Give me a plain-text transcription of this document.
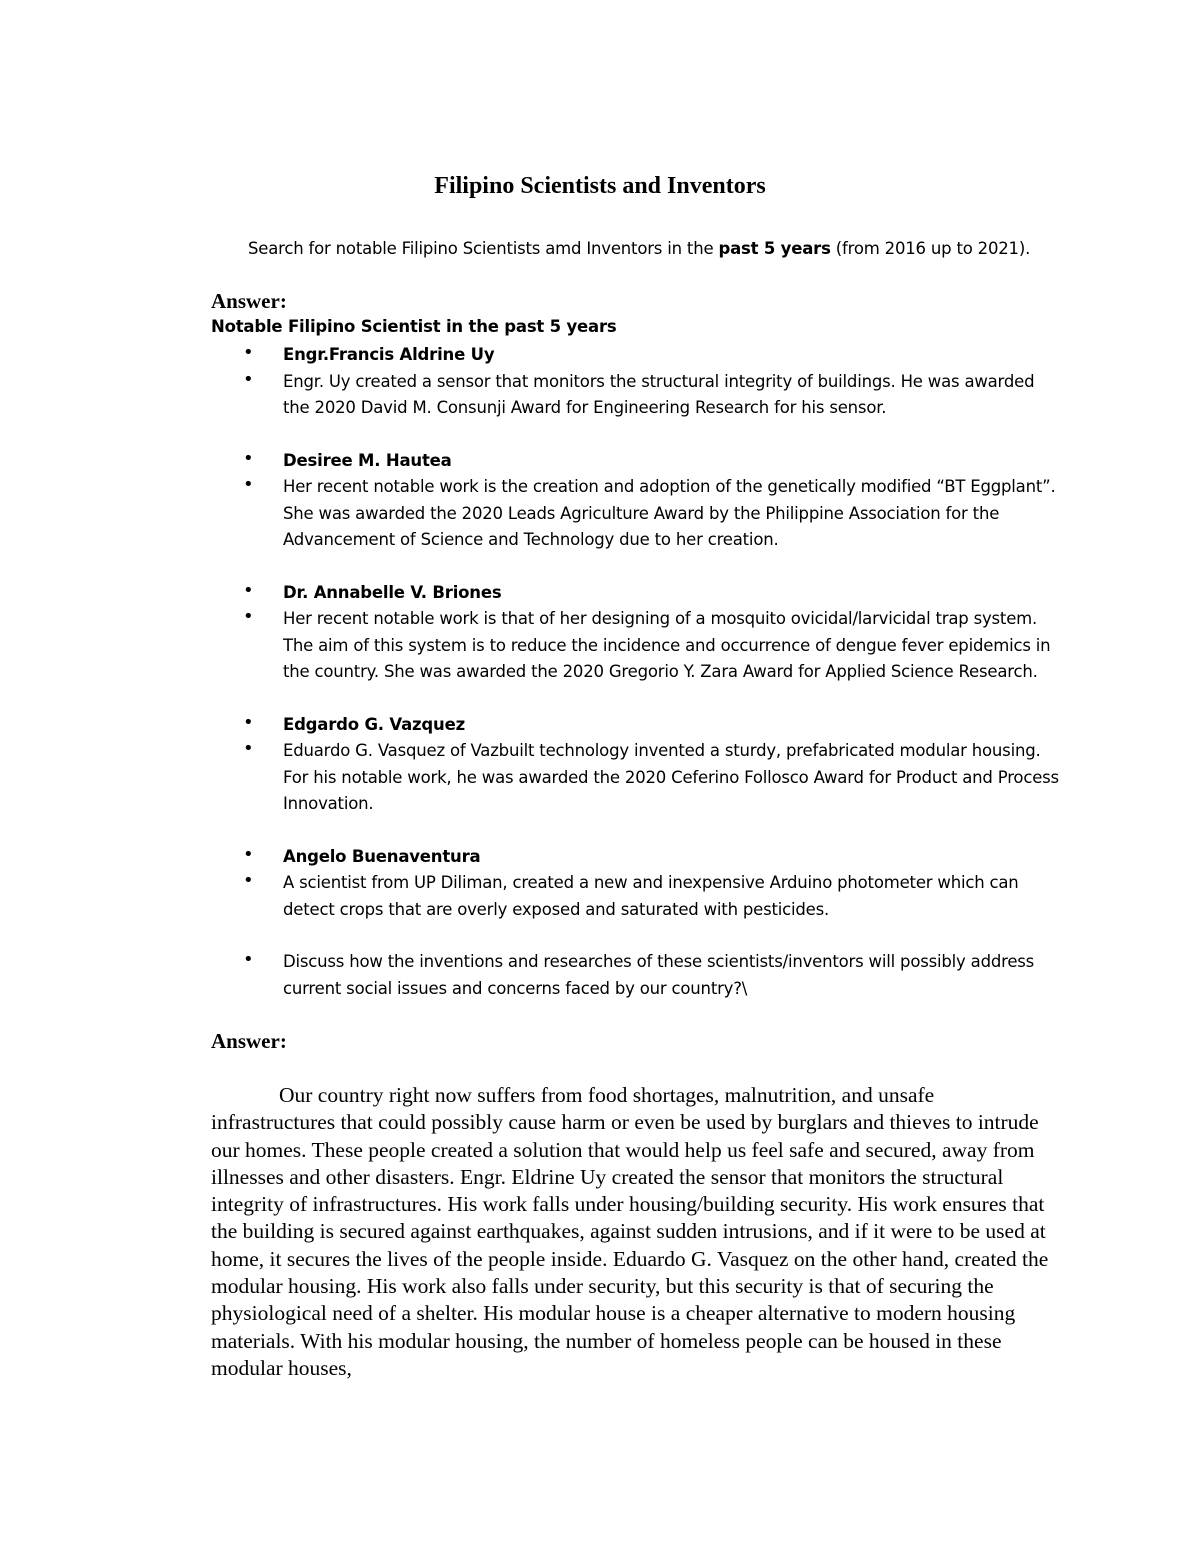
Filipino Scientists and Inventors
Search for notable Filipino Scientists amd Inventors in the past 5 years (from 2016 up to 2021).
Answer:
Notable Filipino Scientist in the past 5 years
• Engr.Francis Aldrine Uy
• Engr. Uy created a sensor that monitors the structural integrity of buildings. He was awarded the 2020 David M. Consunji Award for Engineering Research for his sensor.
• Desiree M. Hautea
• Her recent notable work is the creation and adoption of the genetically modified “BT Eggplant”. She was awarded the 2020 Leads Agriculture Award by the Philippine Association for the Advancement of Science and Technology due to her creation.
• Dr. Annabelle V. Briones
• Her recent notable work is that of her designing of a mosquito ovicidal/larvicidal trap system. The aim of this system is to reduce the incidence and occurrence of dengue fever epidemics in the country. She was awarded the 2020 Gregorio Y. Zara Award for Applied Science Research.
• Edgardo G. Vazquez
• Eduardo G. Vasquez of Vazbuilt technology invented a sturdy, prefabricated modular housing. For his notable work, he was awarded the 2020 Ceferino Follosco Award for Product and Process Innovation.
• Angelo Buenaventura
• A scientist from UP Diliman, created a new and inexpensive Arduino photometer which can detect crops that are overly exposed and saturated with pesticides.
• Discuss how the inventions and researches of these scientists/inventors will possibly address current social issues and concerns faced by our country?\
Answer:

Our country right now suffers from food shortages, malnutrition, and unsafe infrastructures that could possibly cause harm or even be used by burglars and thieves to intrude our homes. These people created a solution that would help us feel safe and secured, away from illnesses and other disasters. Engr. Eldrine Uy created the sensor that monitors the structural integrity of infrastructures. His work falls under housing/building security. His work ensures that the building is secured against earthquakes, against sudden intrusions, and if it were to be used at home, it secures the lives of the people inside. Eduardo G. Vasquez on the other hand, created the modular housing. His work also falls under security, but this security is that of securing the physiological need of a shelter. His modular house is a cheaper alternative to modern housing materials. With his modular housing, the number of homeless people can be housed in these modular houses,
